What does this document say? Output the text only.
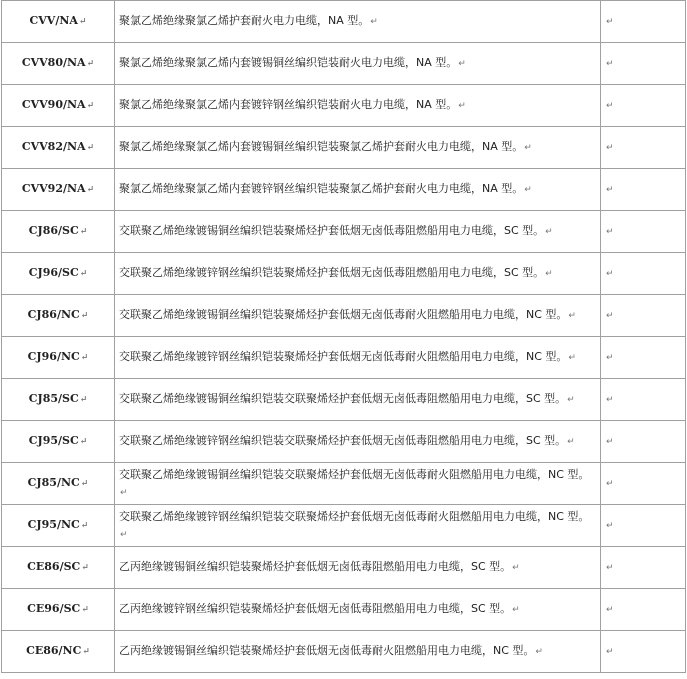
CVV/NA↵	聚氯乙烯绝缘聚氯乙烯护套耐火电力电缆，NA 型。↵	↵
CVV80/NA↵	聚氯乙烯绝缘聚氯乙烯内套镀锡铜丝编织铠装耐火电力电缆，NA 型。↵	↵
CVV90/NA↵	聚氯乙烯绝缘聚氯乙烯内套镀锌钢丝编织铠装耐火电力电缆，NA 型。↵	↵
CVV82/NA↵	聚氯乙烯绝缘聚氯乙烯内套镀锡铜丝编织铠装聚氯乙烯护套耐火电力电缆，NA 型。↵	↵
CVV92/NA↵	聚氯乙烯绝缘聚氯乙烯内套镀锌钢丝编织铠装聚氯乙烯护套耐火电力电缆，NA 型。↵	↵
CJ86/SC↵	交联聚乙烯绝缘镀锡铜丝编织铠装聚烯烃护套低烟无卤低毒阻燃船用电力电缆，SC 型。↵	↵
CJ96/SC↵	交联聚乙烯绝缘镀锌钢丝编织铠装聚烯烃护套低烟无卤低毒阻燃船用电力电缆，SC 型。↵	↵
CJ86/NC↵	交联聚乙烯绝缘镀锡铜丝编织铠装聚烯烃护套低烟无卤低毒耐火阻燃船用电力电缆，NC 型。↵	↵
CJ96/NC↵	交联聚乙烯绝缘镀锌钢丝编织铠装聚烯烃护套低烟无卤低毒耐火阻燃船用电力电缆，NC 型。↵	↵
CJ85/SC↵	交联聚乙烯绝缘镀锡铜丝编织铠装交联聚烯烃护套低烟无卤低毒阻燃船用电力电缆，SC 型。↵	↵
CJ95/SC↵	交联聚乙烯绝缘镀锌钢丝编织铠装交联聚烯烃护套低烟无卤低毒阻燃船用电力电缆，SC 型。↵	↵
CJ85/NC↵	交联聚乙烯绝缘镀锡铜丝编织铠装交联聚烯烃护套低烟无卤低毒耐火阻燃船用电力电缆，NC 型。↵	↵
CJ95/NC↵	交联聚乙烯绝缘镀锌钢丝编织铠装交联聚烯烃护套低烟无卤低毒耐火阻燃船用电力电缆，NC 型。↵	↵
CE86/SC↵	乙丙绝缘镀锡铜丝编织铠装聚烯烃护套低烟无卤低毒阻燃船用电力电缆，SC 型。↵	↵
CE96/SC↵	乙丙绝缘镀锌钢丝编织铠装聚烯烃护套低烟无卤低毒阻燃船用电力电缆，SC 型。↵	↵
CE86/NC↵	乙丙绝缘镀锡铜丝编织铠装聚烯烃护套低烟无卤低毒耐火阻燃船用电力电缆，NC 型。↵	↵
